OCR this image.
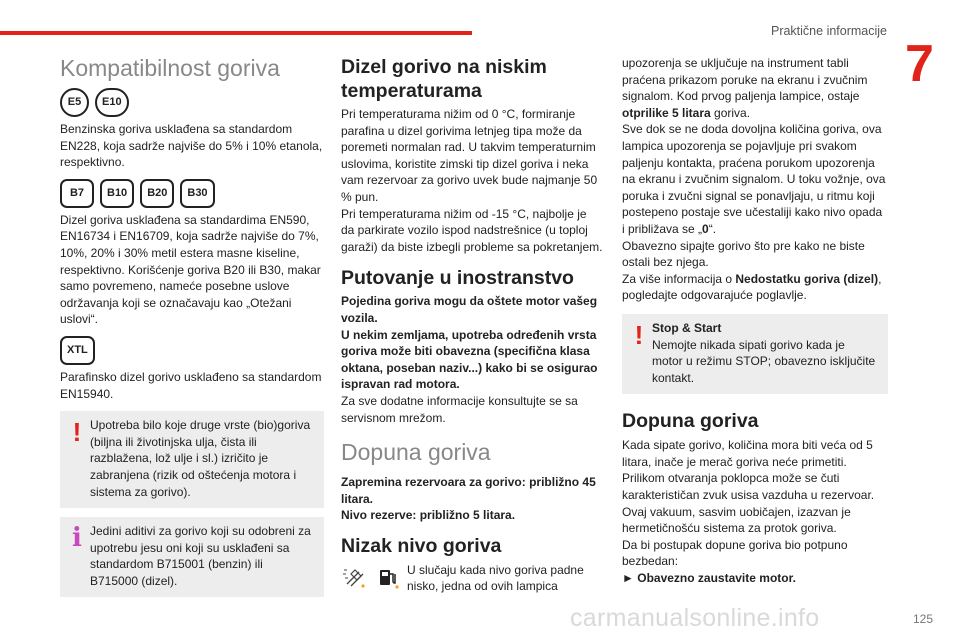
Praktične informacije
7
Kompatibilnost goriva
E5	E10

Benzinska goriva usklađena sa standardom EN228, koja sadrže najviše do 5% i 10% etanola, respektivno.

B7	B10	B20	B30

Dizel goriva usklađena sa standardima EN590, EN16734 i EN16709, koja sadrže najviše do 7%, 10%, 20% i 30% metil estera masne kiseline, respektivno. Korišćenje goriva B20 ili B30, makar samo povremeno, nameće posebne uslove održavanja koji se označavaju kao „Otežani uslovi“.

XTL

Parafinsko dizel gorivo usklađeno sa standardom EN15940.

! Upotreba bilo koje druge vrste (bio)goriva (biljna ili životinjska ulja, čista ili razblažena, lož ulje i sl.) izričito je zabranjena (rizik od oštećenja motora i sistema za gorivo).

i Jedini aditivi za gorivo koji su odobreni za upotrebu jesu oni koji su usklađeni sa standardom B715001 (benzin) ili B715000 (dizel).

Dizel gorivo na niskim temperaturama

Pri temperaturama nižim od 0 °C, formiranje parafina u dizel gorivima letnjeg tipa može da poremeti normalan rad. U takvim temperaturnim uslovima, koristite zimski tip dizel goriva i neka vam rezervoar za gorivo uvek bude najmanje 50 % pun.

Pri temperaturama nižim od -15 °C, najbolje je da parkirate vozilo ispod nadstrešnice (u toploj garaži) da biste izbegli probleme sa pokretanjem.

Putovanje u inostranstvo

Pojedina goriva mogu da oštete motor vašeg vozila.
U nekim zemljama, upotreba određenih vrsta goriva može biti obavezna (specifična klasa oktana, poseban naziv...) kako bi se osigurao ispravan rad motora.

Za sve dodatne informacije konsultujte se sa servisnom mrežom.

Dopuna goriva

Zapremina rezervoara za gorivo: približno 45 litara.

Nivo rezerve: približno 5 litara.

Nizak nivo goriva

U slučaju kada nivo goriva padne nisko, jedna od ovih lampica

upozorenja se uključuje na instrument tabli praćena prikazom poruke na ekranu i zvučnim signalom. Kod prvog paljenja lampice, ostaje otprilike 5 litara goriva.

Sve dok se ne doda dovoljna količina goriva, ova lampica upozorenja se pojavljuje pri svakom paljenju kontakta, praćena porukom upozorenja na ekranu i zvučnim signalom. U toku vožnje, ova poruka i zvučni signal se ponavljaju, u ritmu koji postepeno postaje sve učestaliji kako nivo opada i približava se „0“.

Obavezno sipajte gorivo što pre kako ne biste ostali bez njega.

Za više informacija o Nedostatku goriva (dizel), pogledajte odgovarajuće poglavlje.

! Stop & Start

Nemojte nikada sipati gorivo kada je motor u režimu STOP; obavezno isključite kontakt.

Dopuna goriva

Kada sipate gorivo, količina mora biti veća od 5 litara, inače je merač goriva neće primetiti.
Prilikom otvaranja poklopca može se čuti karakterističan zvuk usisa vazduha u rezervoar. Ovaj vakuum, sasvim uobičajen, izazvan je hermetičnošću sistema za protok goriva.
Da bi postupak dopune goriva bio potpuno bezbedan:

► Obavezno zaustavite motor.

carmanualsonline.info	125
